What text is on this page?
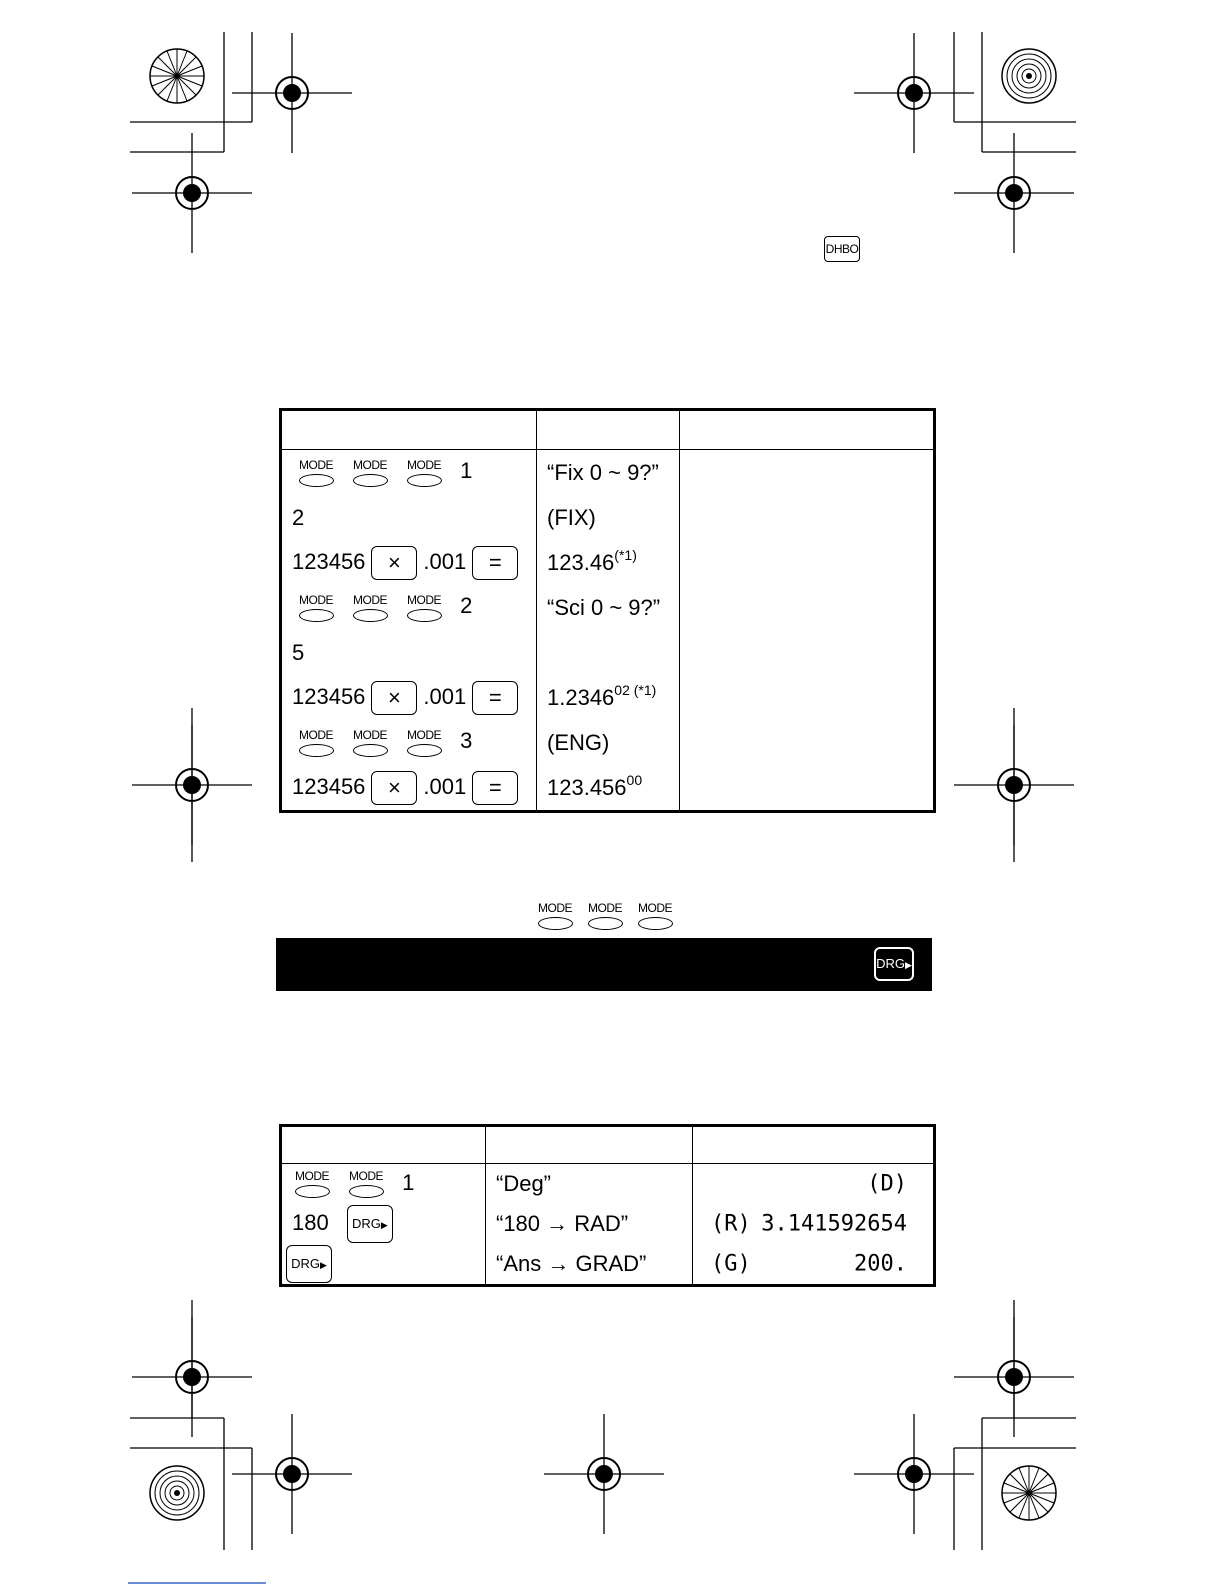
DHBO

MODE MODE MODE 1	“Fix 0 ~ 9?”	
2	(FIX)	
123456 × .001 =	$123.46^{(*1)}$	

MODE MODE MODE 2	“Sci 0 ~ 9?”	
5		
123456 × .001 =	$1.2346^{02 (*1)}$	

MODE MODE MODE 3	(ENG)	
123456 × .001 =	$123.456^{00}$	
MODE	MODE	MODE
DRG▶

MODE MODE 1	“Deg”	(D)

180 DRG▶	“180 → RAD”	(R) 3.141592654

DRG▶	“Ans → GRAD”	(G) 200.
